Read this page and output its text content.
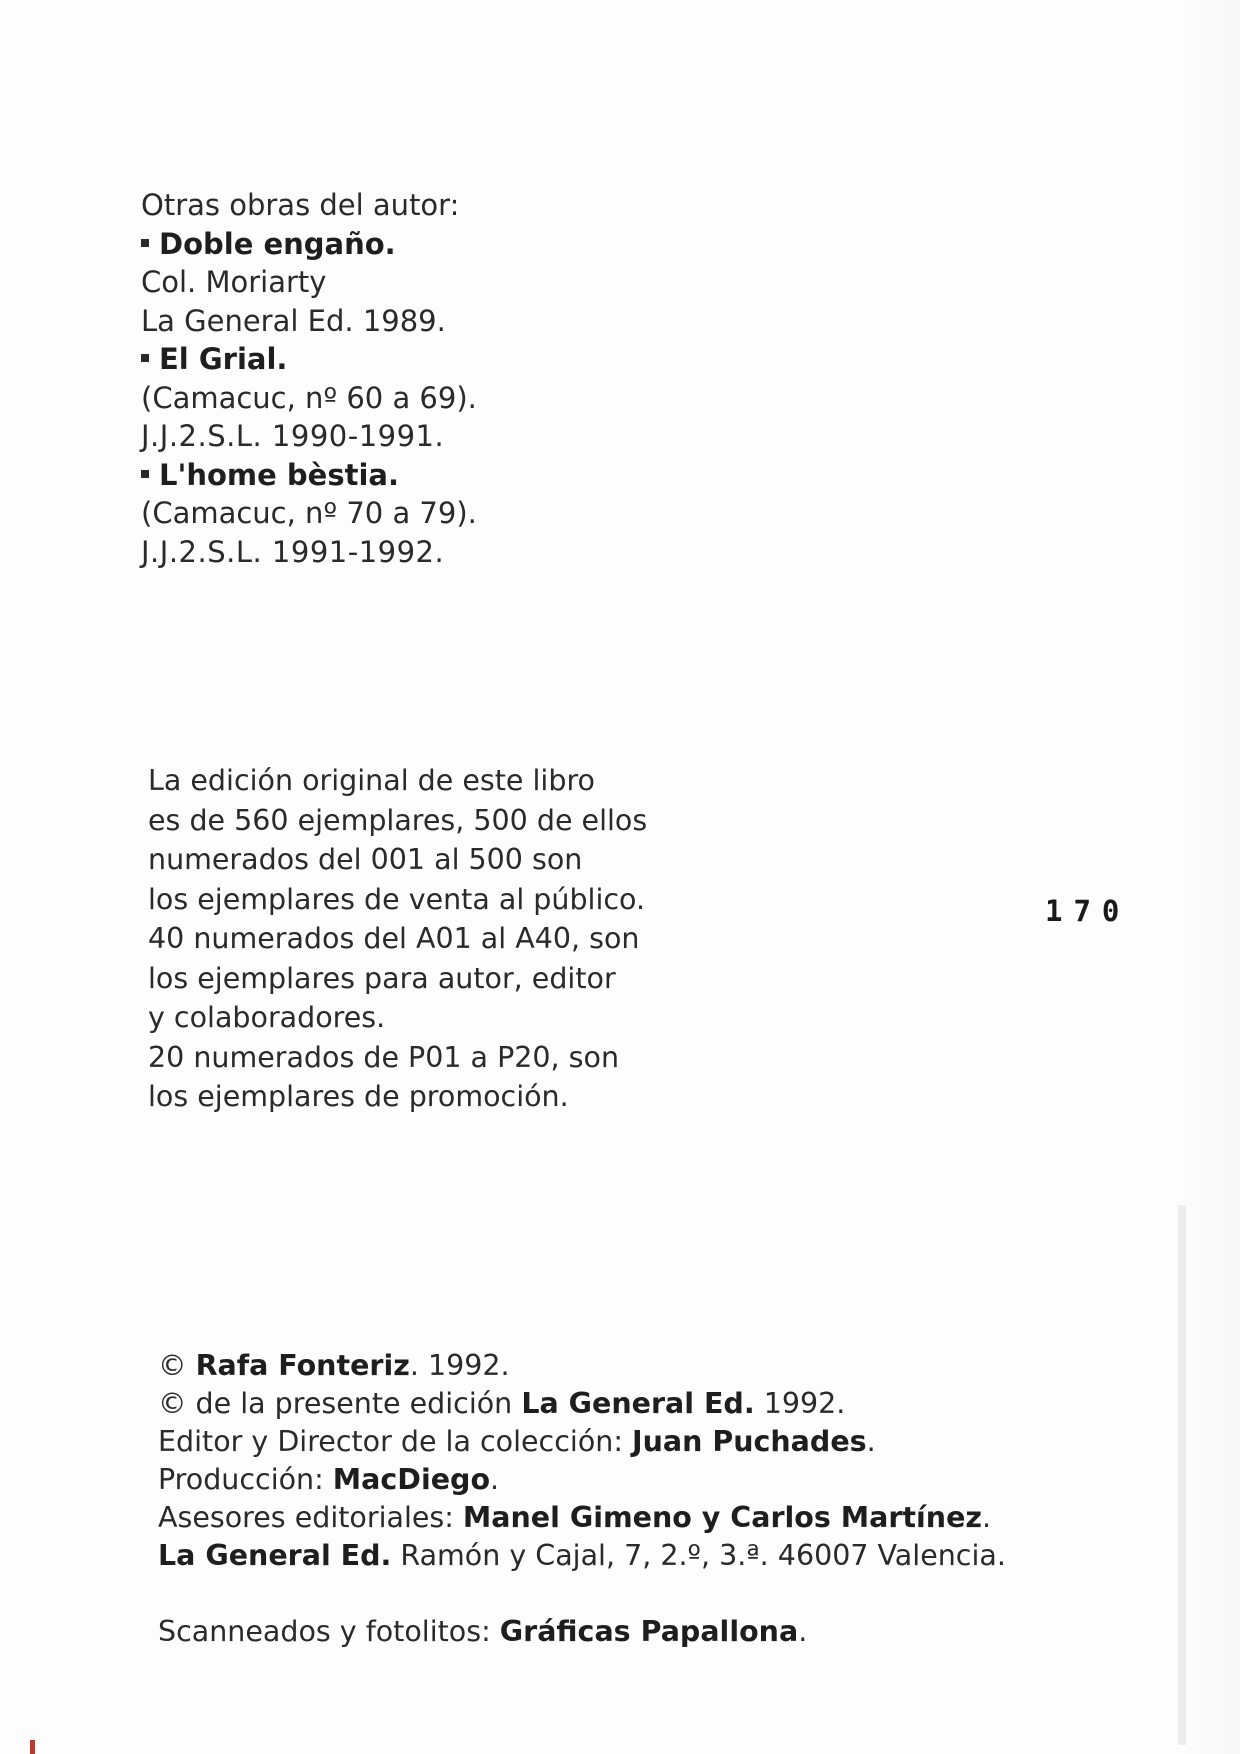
Otras obras del autor:
Doble engaño.
Col. Moriarty
La General Ed. 1989.
El Grial.
(Camacuc, nº 60 a 69).
J.J.2.S.L. 1990-1991.
L'home bèstia.
(Camacuc, nº 70 a 79).
J.J.2.S.L. 1991-1992.
La edición original de este libro
es de 560 ejemplares, 500 de ellos
numerados del 001 al 500 son
los ejemplares de venta al público.
40 numerados del A01 al A40, son
los ejemplares para autor, editor
y colaboradores.
20 numerados de P01 a P20, son
los ejemplares de promoción.
170
© Rafa Fonteriz. 1992.
© de la presente edición La General Ed. 1992.
Editor y Director de la colección: Juan Puchades.
Producción: MacDiego.
Asesores editoriales: Manel Gimeno y Carlos Martínez.
La General Ed. Ramón y Cajal, 7, 2.º, 3.ª. 46007 Valencia.
Scanneados y fotolitos: Gráficas Papallona.
